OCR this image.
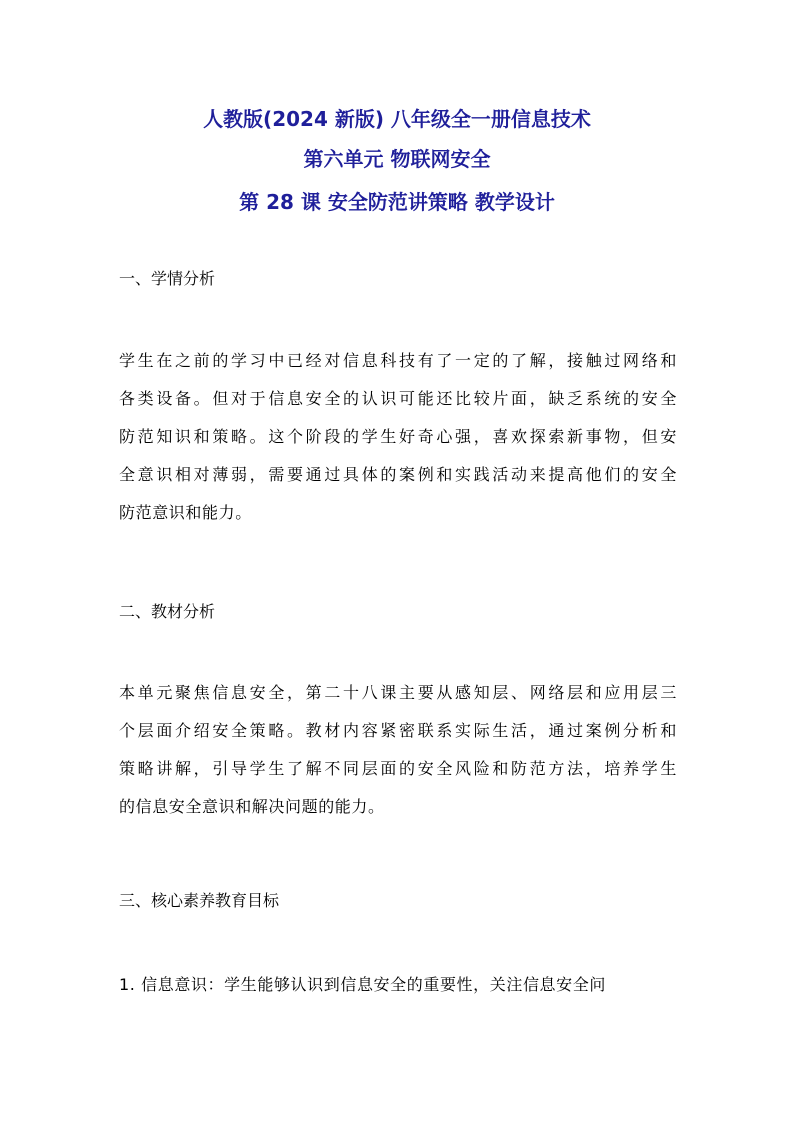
人教版(2024 新版) 八年级全一册信息技术
第六单元 物联网安全
第 28 课 安全防范讲策略 教学设计
一、学情分析
学生在之前的学习中已经对信息科技有了一定的了解，接触过网络和
各类设备。但对于信息安全的认识可能还比较片面，缺乏系统的安全
防范知识和策略。这个阶段的学生好奇心强，喜欢探索新事物，但安
全意识相对薄弱，需要通过具体的案例和实践活动来提高他们的安全
防范意识和能力。
二、教材分析
本单元聚焦信息安全，第二十八课主要从感知层、网络层和应用层三
个层面介绍安全策略。教材内容紧密联系实际生活，通过案例分析和
策略讲解，引导学生了解不同层面的安全风险和防范方法，培养学生
的信息安全意识和解决问题的能力。
三、核心素养教育目标
1. 信息意识：学生能够认识到信息安全的重要性，关注信息安全问
